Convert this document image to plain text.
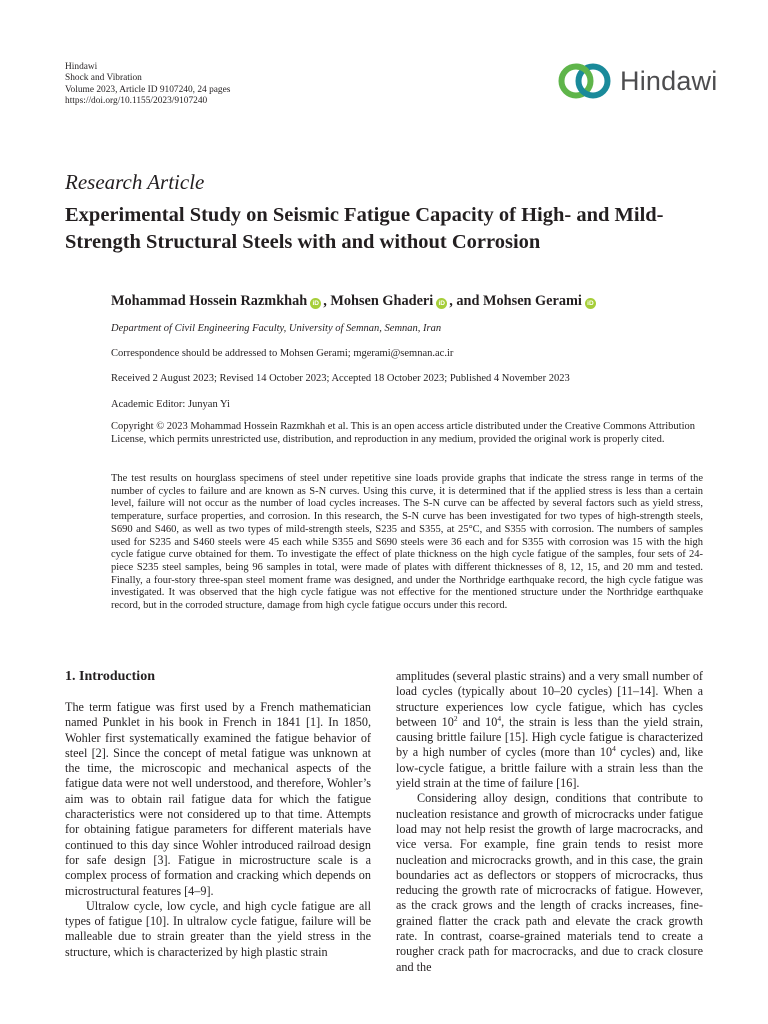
Hindawi
Shock and Vibration
Volume 2023, Article ID 9107240, 24 pages
https://doi.org/10.1155/2023/9107240
Hindawi
Research Article
Experimental Study on Seismic Fatigue Capacity of High- and Mild-Strength Structural Steels with and without Corrosion
Mohammad Hossein Razmkhah iD , Mohsen Ghaderi iD , and Mohsen Gerami iD
Department of Civil Engineering Faculty, University of Semnan, Semnan, Iran
Correspondence should be addressed to Mohsen Gerami; mgerami@semnan.ac.ir
Received 2 August 2023; Revised 14 October 2023; Accepted 18 October 2023; Published 4 November 2023
Academic Editor: Junyan Yi

Copyright © 2023 Mohammad Hossein Razmkhah et al. This is an open access article distributed under the Creative Commons Attribution License, which permits unrestricted use, distribution, and reproduction in any medium, provided the original work is properly cited.

The test results on hourglass specimens of steel under repetitive sine loads provide graphs that indicate the stress range in terms of the number of cycles to failure and are known as S-N curves. Using this curve, it is determined that if the applied stress is less than a certain level, failure will not occur as the number of load cycles increases. The S-N curve can be affected by several factors such as yield stress, temperature, surface properties, and corrosion. In this research, the S-N curve has been investigated for two types of high-strength steels, S690 and S460, as well as two types of mild-strength steels, S235 and S355, at 25°C, and S355 with corrosion. The numbers of samples used for S235 and S460 steels were 45 each while S355 and S690 steels were 36 each and for S355 with corrosion was 15 with the high cycle fatigue curve obtained for them. To investigate the effect of plate thickness on the high cycle fatigue of the samples, four sets of 24-piece S235 steel samples, being 96 samples in total, were made of plates with different thicknesses of 8, 12, 15, and 20 mm and tested. Finally, a four-story three-span steel moment frame was designed, and under the Northridge earthquake record, the high cycle fatigue was investigated. It was observed that the high cycle fatigue was not effective for the mentioned structure under the Northridge earthquake record, but in the corroded structure, damage from high cycle fatigue occurs under this record.

1. Introduction

The term fatigue was first used by a French mathematician named Punklet in his book in French in 1841 [1]. In 1850, Wohler first systematically examined the fatigue behavior of steel [2]. Since the concept of metal fatigue was unknown at the time, the microscopic and mechanical aspects of the fatigue data were not well understood, and therefore, Wohler’s aim was to obtain rail fatigue data for which the fatigue characteristics were not considered up to that time. Attempts for obtaining fatigue parameters for different materials have continued to this day since Wohler introduced railroad design for safe design [3]. Fatigue in microstructure scale is a complex process of formation and cracking which depends on microstructural features [4–9].

Ultralow cycle, low cycle, and high cycle fatigue are all types of fatigue [10]. In ultralow cycle fatigue, failure will be malleable due to strain greater than the yield stress in the structure, which is characterized by high plastic strain

amplitudes (several plastic strains) and a very small number of load cycles (typically about 10–20 cycles) [11–14]. When a structure experiences low cycle fatigue, which has cycles between $10^2$ and $10^4$, the strain is less than the yield strain, causing brittle failure [15]. High cycle fatigue is characterized by a high number of cycles (more than $10^4$ cycles) and, like low-cycle fatigue, a brittle failure with a strain less than the yield strain at the time of failure [16].

Considering alloy design, conditions that contribute to nucleation resistance and growth of microcracks under fatigue load may not help resist the growth of large macrocracks, and vice versa. For example, fine grain tends to resist more nucleation and microcracks growth, and in this case, the grain boundaries act as deflectors or stoppers of microcracks, thus reducing the growth rate of microcracks of fatigue. However, as the crack grows and the length of cracks increases, fine-grained flatter the crack path and elevate the crack growth rate. In contrast, coarse-grained materials tend to create a rougher crack path for macrocracks, and due to crack closure and the
